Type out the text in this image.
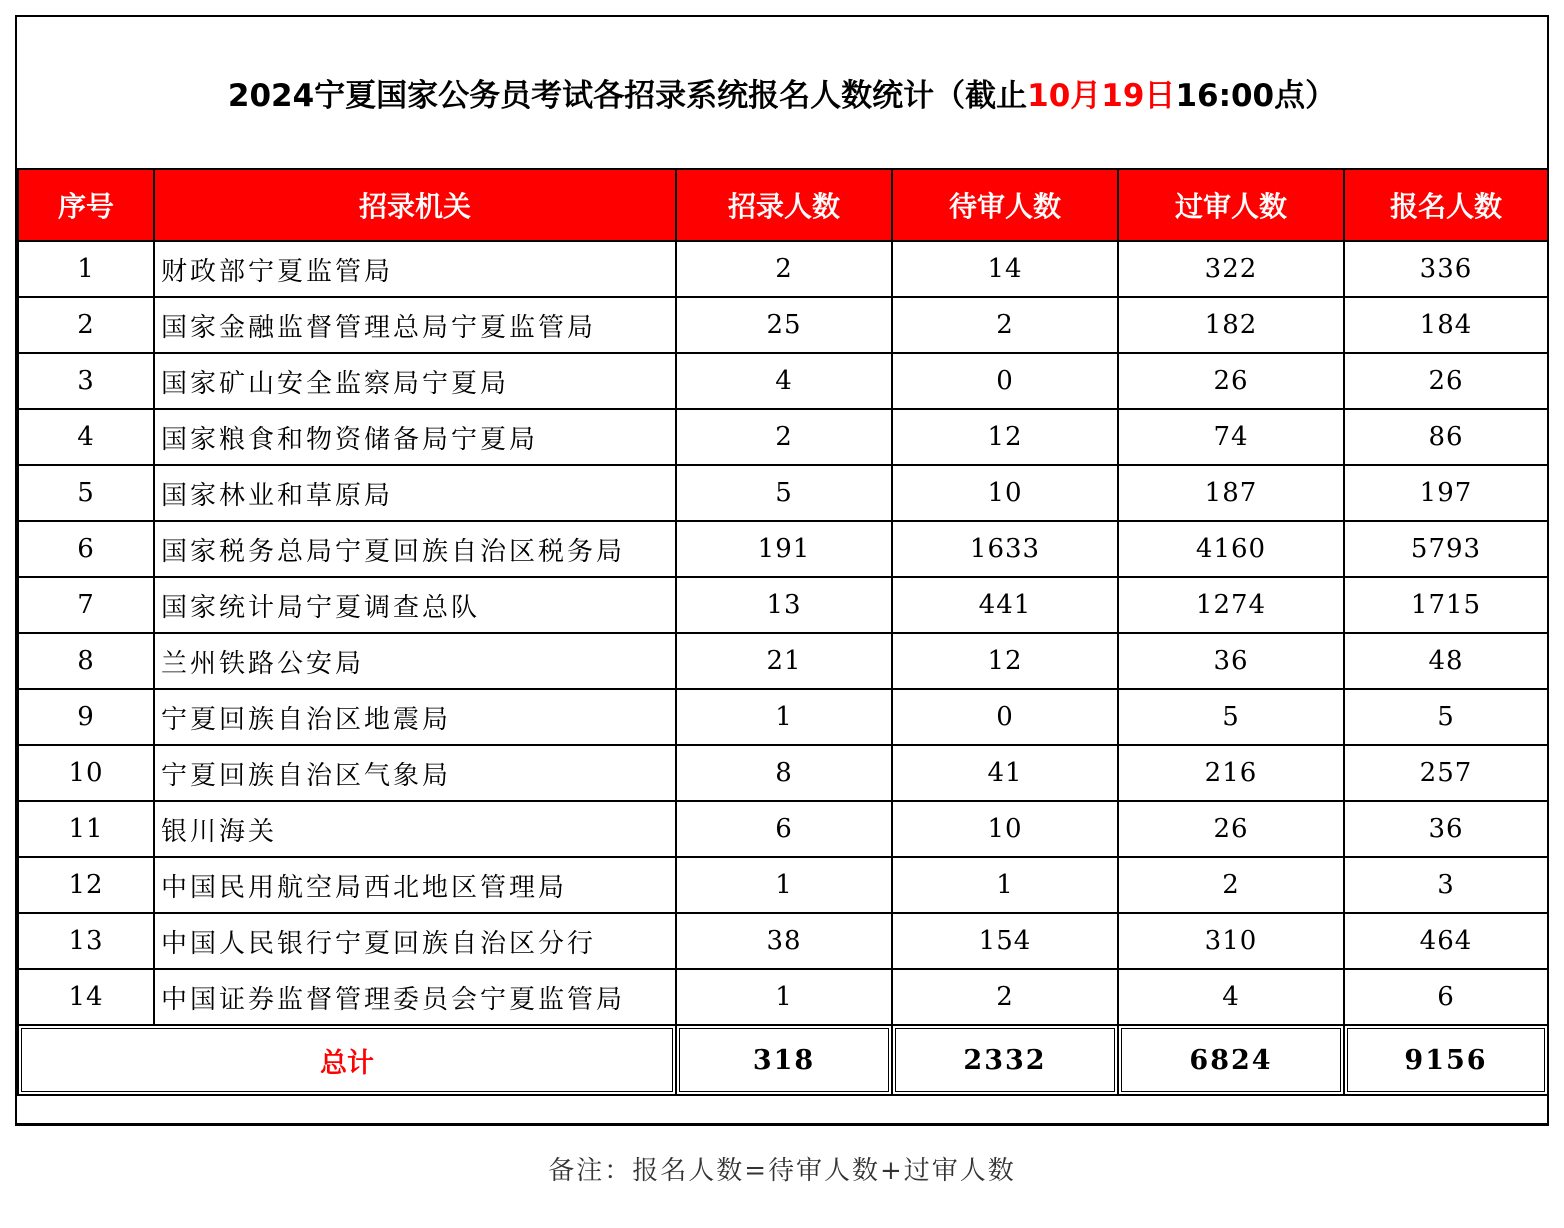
2024宁夏国家公务员考试各招录系统报名人数统计（截止 10月19日 16:00点）
序号	招录机关	招录人数	待审人数	过审人数	报名人数
1	财政部宁夏监管局	2	14	322	336
2	国家金融监督管理总局宁夏监管局	25	2	182	184
3	国家矿山安全监察局宁夏局	4	0	26	26
4	国家粮食和物资储备局宁夏局	2	12	74	86
5	国家林业和草原局	5	10	187	197
6	国家税务总局宁夏回族自治区税务局	191	1633	4160	5793
7	国家统计局宁夏调查总队	13	441	1274	1715
8	兰州铁路公安局	21	12	36	48
9	宁夏回族自治区地震局	1	0	5	5
10	宁夏回族自治区气象局	8	41	216	257
11	银川海关	6	10	26	36
12	中国民用航空局西北地区管理局	1	1	2	3
13	中国人民银行宁夏回族自治区分行	38	154	310	464
14	中国证券监督管理委员会宁夏监管局	1	2	4	6
总计		318	2332	6824	9156
备注：报名人数=待审人数+过审人数
